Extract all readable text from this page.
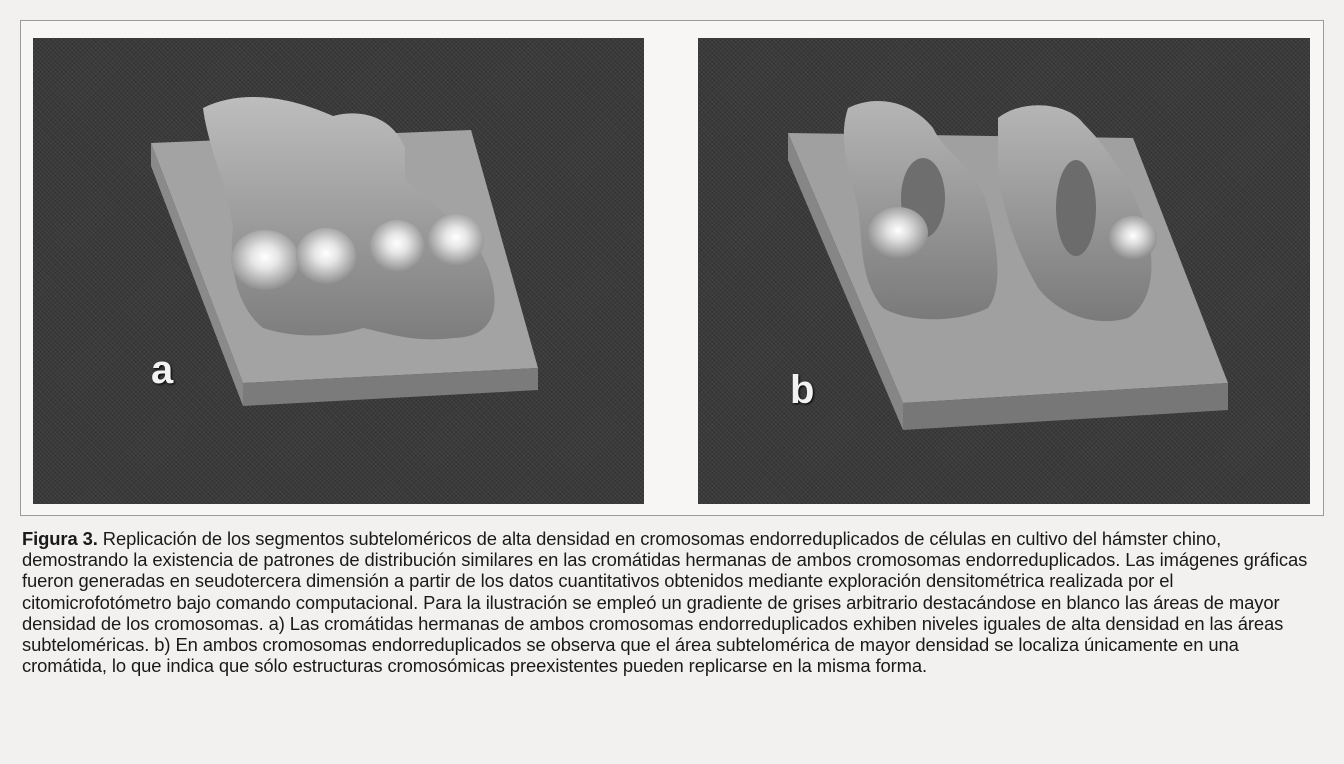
a	b

Figura 3. Replicación de los segmentos subteloméricos de alta densidad en cromosomas endorreduplicados de células en cultivo del hámster chino, demostrando la existencia de patrones de distribución similares en las cromátidas hermanas de ambos cromosomas endorreduplicados. Las imágenes gráficas fueron generadas en seudotercera dimensión a partir de los datos cuantitativos obtenidos mediante exploración densitométrica realizada por el citomicrofotómetro bajo comando computacional. Para la ilustración se empleó un gradiente de grises arbitrario destacándose en blanco las áreas de mayor densidad de los cromosomas. a) Las cromátidas hermanas de ambos cromosomas endorreduplicados exhiben niveles iguales de alta densidad en las áreas subteloméricas. b) En ambos cromosomas endorreduplicados se observa que el área subtelomérica de mayor densidad se localiza únicamente en una cromátida, lo que indica que sólo estructuras cromosómicas preexistentes pueden replicarse en la misma forma.
